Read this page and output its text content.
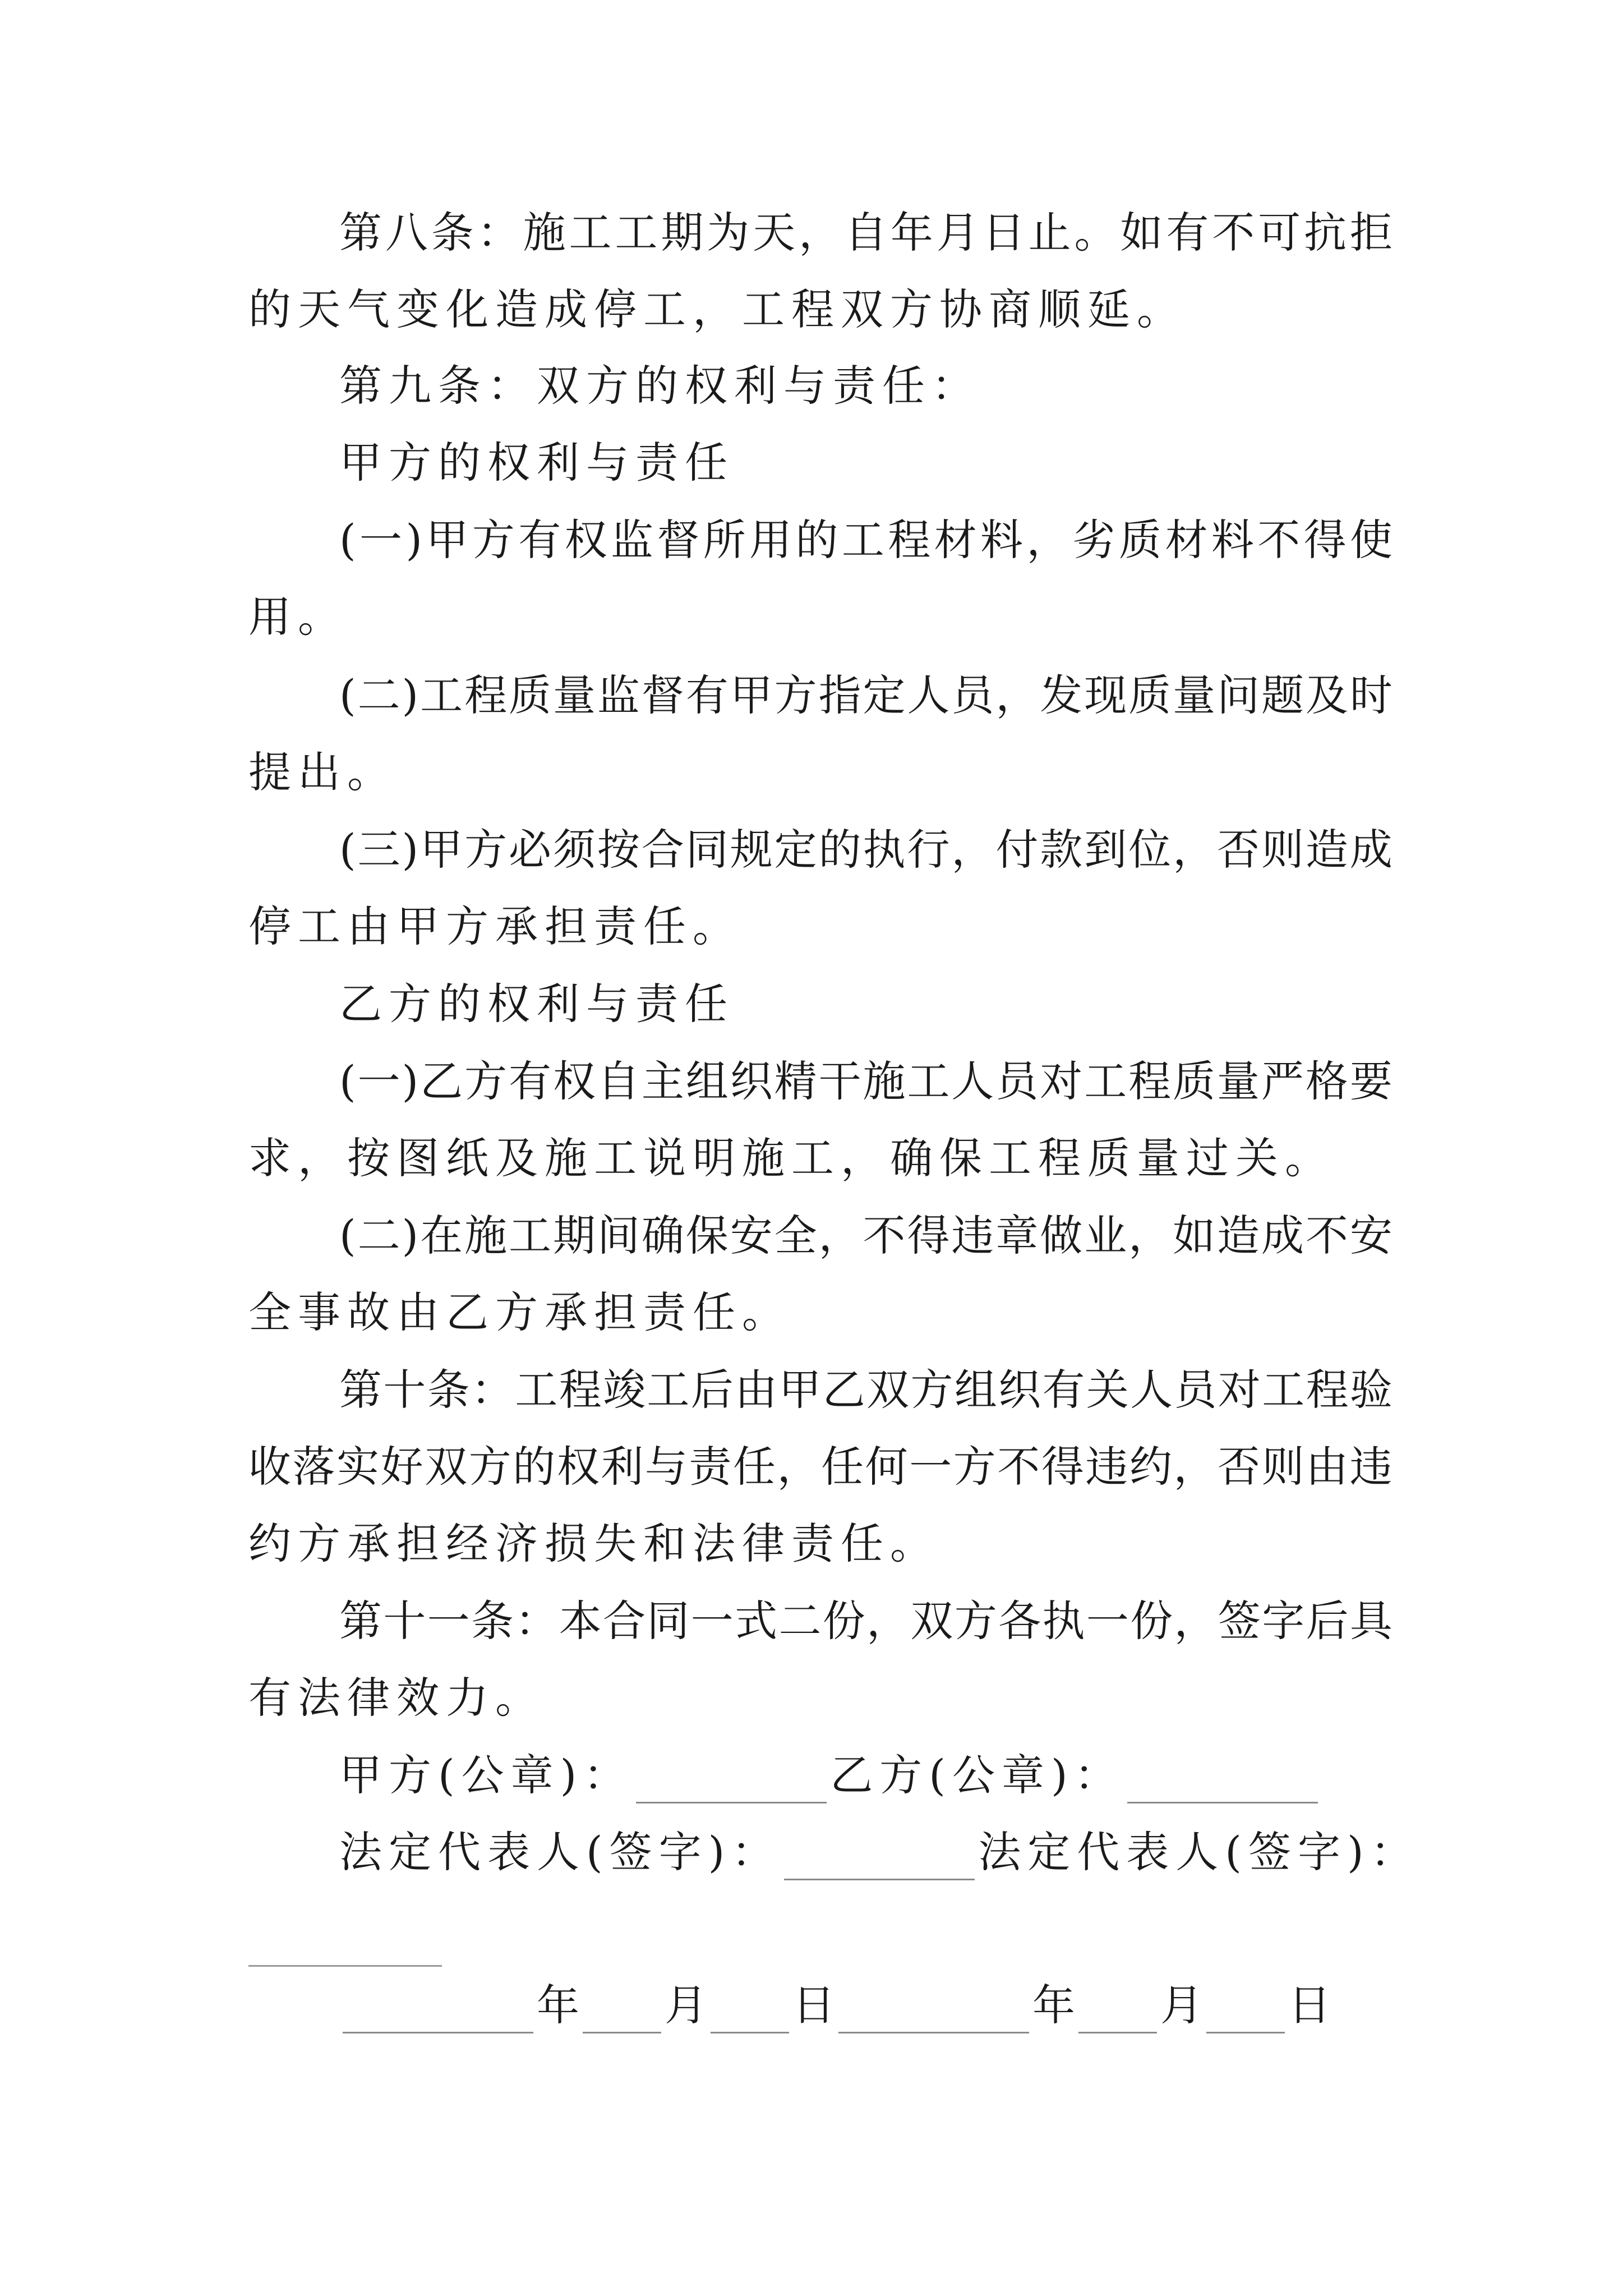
第 八 条 ： 施 工 工 期 为 天 ， 自 年 月 日 止 。 如 有 不 可 抗 拒
的天气变化造成停工，工程双方协商顺延。
第九条：双方的权利与责任：
甲方的权利与责任
( 一 ) 甲 方 有 权 监 督 所 用 的 工 程 材 料 ， 劣 质 材 料 不 得 使
用。
( 二 ) 工 程 质 量 监 督 有 甲 方 指 定 人 员 ， 发 现 质 量 问 题 及 时
提出。
( 三 ) 甲 方 必 须 按 合 同 规 定 的 执 行 ， 付 款 到 位 ， 否 则 造 成
停工由甲方承担责任。
乙方的权利与责任
( 一 ) 乙 方 有 权 自 主 组 织 精 干 施 工 人 员 对 工 程 质 量 严 格 要
求，按图纸及施工说明施工，确保工程质量过关。
( 二 ) 在 施 工 期 间 确 保 安 全 ， 不 得 违 章 做 业 ， 如 造 成 不 安
全事故由乙方承担责任。
第 十 条 ： 工 程 竣 工 后 由 甲 乙 双 方 组 织 有 关 人 员 对 工 程 验
收 落 实 好 双 方 的 权 利 与 责 任 ， 任 何 一 方 不 得 违 约 ， 否 则 由 违
约方承担经济损失和法律责任。
第 十 一 条 ： 本 合 同 一 式 二 份 ， 双 方 各 执 一 份 ， 签 字 后 具
有法律效力。
甲方(公章)：	乙方(公章)：
法定代表人(签字)：	法定代表人(签字)：
年 月 日	年 月 日
